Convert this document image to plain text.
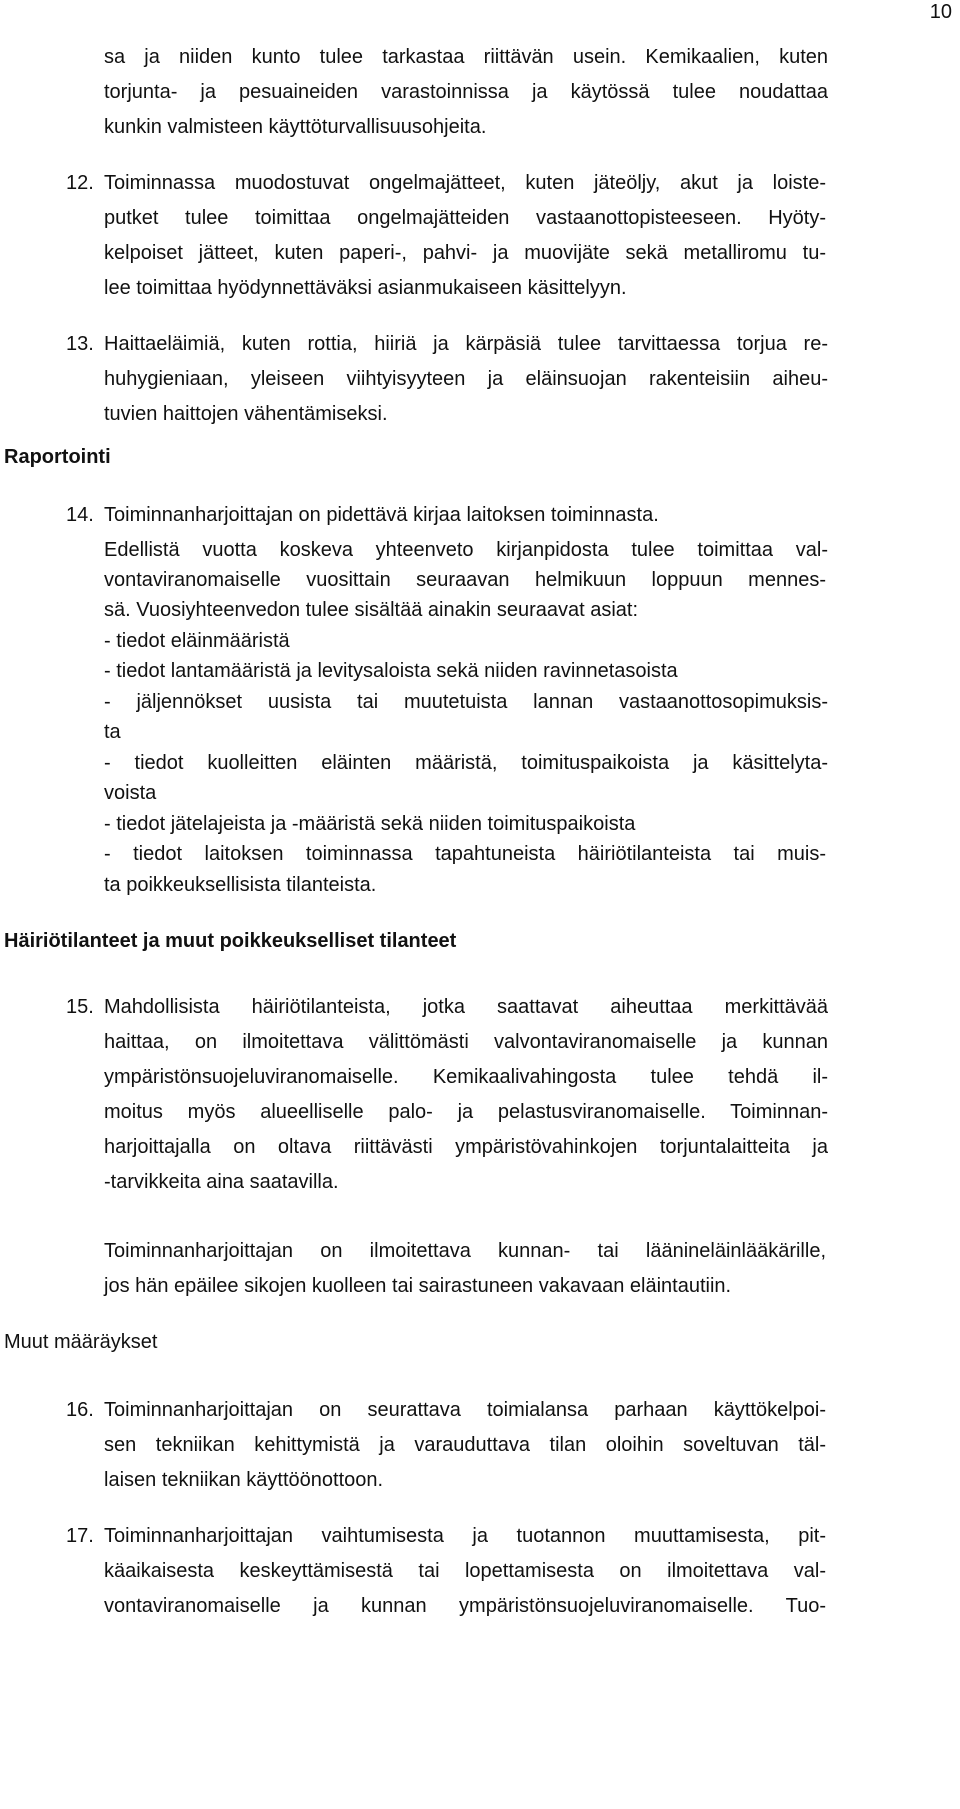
10
sa ja niiden kunto tulee tarkastaa riittävän usein. Kemikaalien, kuten
torjunta- ja pesuaineiden varastoinnissa ja käytössä tulee noudattaa
kunkin valmisteen käyttöturvallisuusohjeita.
12. Toiminnassa muodostuvat ongelmajätteet, kuten jäteöljy, akut ja loiste-
putket tulee toimittaa ongelmajätteiden vastaanottopisteeseen. Hyöty-
kelpoiset jätteet, kuten paperi-, pahvi- ja muovijäte sekä metalliromu tu-
lee toimittaa hyödynnettäväksi asianmukaiseen käsittelyyn.
13. Haittaeläimiä, kuten rottia, hiiriä ja kärpäsiä tulee tarvittaessa torjua re-
huhygieniaan, yleiseen viihtyisyyteen ja eläinsuojan rakenteisiin aiheu-
tuvien haittojen vähentämiseksi.
Raportointi
14. Toiminnanharjoittajan on pidettävä kirjaa laitoksen toiminnasta.
Edellistä vuotta koskeva yhteenveto kirjanpidosta tulee toimittaa val-
vontaviranomaiselle vuosittain seuraavan helmikuun loppuun mennes-
sä. Vuosiyhteenvedon tulee sisältää ainakin seuraavat asiat:
- tiedot eläinmääristä
- tiedot lantamääristä ja levitysaloista sekä niiden ravinnetasoista
- jäljennökset uusista tai muutetuista lannan vastaanottosopimuksis-
ta
- tiedot kuolleitten eläinten määristä, toimituspaikoista ja käsittelyta-
voista
- tiedot jätelajeista ja -määristä sekä niiden toimituspaikoista
- tiedot laitoksen toiminnassa tapahtuneista häiriötilanteista tai muis-
ta poikkeuksellisista tilanteista.
Häiriötilanteet ja muut poikkeukselliset tilanteet
15. Mahdollisista häiriötilanteista, jotka saattavat aiheuttaa merkittävää
haittaa, on ilmoitettava välittömästi valvontaviranomaiselle ja kunnan
ympäristönsuojeluviranomaiselle. Kemikaalivahingosta tulee tehdä il-
moitus myös alueelliselle palo- ja pelastusviranomaiselle. Toiminnan-
harjoittajalla on oltava riittävästi ympäristövahinkojen torjuntalaitteita ja
-tarvikkeita aina saatavilla.
Toiminnanharjoittajan on ilmoitettava kunnan- tai läänineläinlääkärille,
jos hän epäilee sikojen kuolleen tai sairastuneen vakavaan eläintautiin.
Muut määräykset
16. Toiminnanharjoittajan on seurattava toimialansa parhaan käyttökelpoi-
sen tekniikan kehittymistä ja varauduttava tilan oloihin soveltuvan täl-
laisen tekniikan käyttöönottoon.
17. Toiminnanharjoittajan vaihtumisesta ja tuotannon muuttamisesta, pit-
käaikaisesta keskeyttämisestä tai lopettamisesta on ilmoitettava val-
vontaviranomaiselle ja kunnan ympäristönsuojeluviranomaiselle. Tuo-
